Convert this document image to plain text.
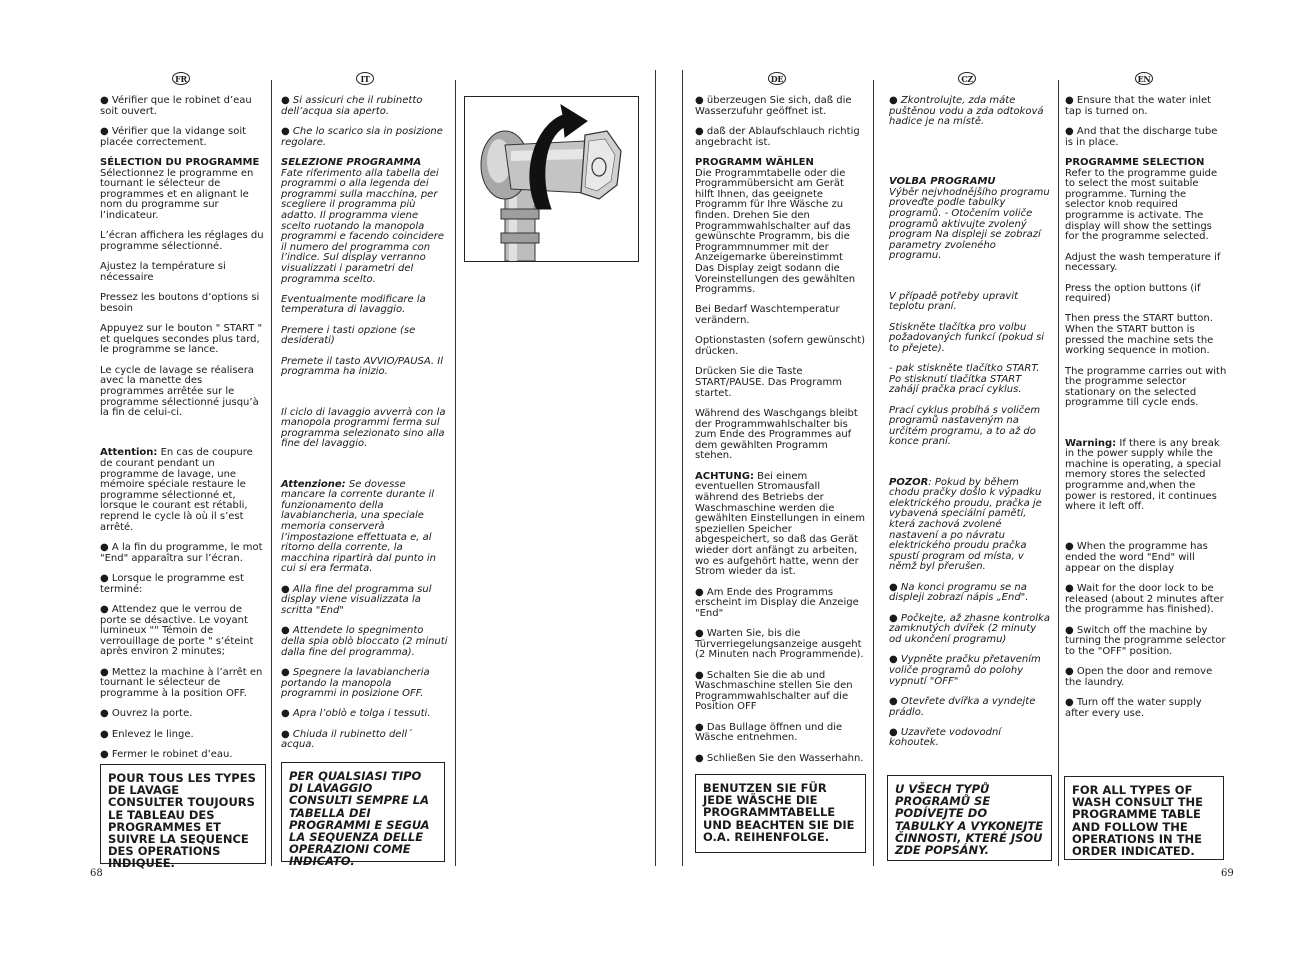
FR	IT	DE	CZ	EN
● Vérifier que le robinet d’eau soit ouvert.
● Vérifier que la vidange soit placée correctement.
SÉLECTION DU PROGRAMME
Sélectionnez le programme en tournant le sélecteur de programmes et en alignant le nom du programme sur l’indicateur.
L’écran affichera les réglages du programme sélectionné.
Ajustez la température si nécessaire
Pressez les boutons d’options si besoin
Appuyez sur le bouton " START " et quelques secondes plus tard, le programme se lance.
Le cycle de lavage se réalisera avec la manette des programmes arrêtée sur le programme sélectionné jusqu’à la fin de celui-ci.
Attention: En cas de coupure de courant pendant un programme de lavage, une mémoire spéciale restaure le programme sélectionné et, lorsque le courant est rétabli, reprend le cycle là où il s’est arrêté.
● A la fin du programme, le mot "End" apparaîtra sur l’écran.
● Lorsque le programme est terminé:
● Attendez que le verrou de porte se désactive. Le voyant lumineux "" Témoin de verrouillage de porte " s’éteint après environ 2 minutes;
● Mettez la machine à l’arrêt en tournant le sélecteur de programme à la position OFF.
● Ouvrez la porte.
● Enlevez le linge.
● Fermer le robinet d’eau.
● Si assicuri che il rubinetto dell’acqua sia aperto.
● Che lo scarico sia in posizione regolare.
SELEZIONE PROGRAMMA
Fate riferimento alla tabella dei programmi o alla legenda dei programmi sulla macchina, per scegliere il programma più adatto. Il programma viene scelto ruotando la manopola programmi e facendo coincidere il numero del programma con l’indice. Sul display verranno visualizzati i parametri del programma scelto.
Eventualmente modificare la temperatura di lavaggio.
Premere i tasti opzione (se desiderati)
Premete il tasto AVVIO/PAUSA. Il programma ha inizio.
Il ciclo di lavaggio avverrà con la manopola programmi ferma sul programma selezionato sino alla fine del lavaggio.
Attenzione: Se dovesse mancare la corrente durante il funzionamento della lavabiancheria, una speciale memoria conserverà l’impostazione effettuata e, al ritorno della corrente, la macchina ripartirà dal punto in cui si era fermata.
● Alla fine del programma sul display viene visualizzata la scritta "End"
● Attendete lo spegnimento della spia oblò bloccato (2 minuti dalla fine del programma).
● Spegnere la lavabiancheria portando la manopola programmi in posizione OFF.
● Apra l’oblò e tolga i tessuti.
● Chiuda il rubinetto dell´ acqua.
● überzeugen Sie sich, daß die Wasserzufuhr geöffnet ist.
● daß der Ablaufschlauch richtig angebracht ist.
PROGRAMM WÄHLEN
Die Programmtabelle oder die Programmübersicht am Gerät hilft Ihnen, das geeignete Programm für Ihre Wäsche zu finden. Drehen Sie den Programmwahlschalter auf das gewünschte Programm, bis die Programmnummer mit der Anzeigemarke übereinstimmt Das Display zeigt sodann die Voreinstellungen des gewählten Programms.
Bei Bedarf Waschtemperatur verändern.
Optionstasten (sofern gewünscht) drücken.
Drücken Sie die Taste START/PAUSE. Das Programm startet.
Während des Waschgangs bleibt der Programmwahlschalter bis zum Ende des Programmes auf dem gewählten Programm stehen.
ACHTUNG: Bei einem eventuellen Stromausfall während des Betriebs der Waschmaschine werden die gewählten Einstellungen in einem speziellen Speicher abgespeichert, so daß das Gerät wieder dort anfängt zu arbeiten, wo es aufgehört hatte, wenn der Strom wieder da ist.
● Am Ende des Programms erscheint im Display die Anzeige "End"
● Warten Sie, bis die Türverriegelungsanzeige ausgeht (2 Minuten nach Programmende).
● Schalten Sie die ab und Waschmaschine stellen Sie den Programmwahlschalter auf die Position OFF
● Das Bullage öffnen und die Wäsche entnehmen.
● Schließen Sie den Wasserhahn.
● Zkontrolujte, zda máte puštěnou vodu a zda odtoková hadice je na místě.
VOLBA PROGRAMU
Výběr nejvhodnějšího programu proveďte podle tabulky programů. - Otočením voliče programů aktivujte zvolený program Na displeji se zobrazí parametry zvoleného programu.
V případě potřeby upravit teplotu praní.
Stiskněte tlačítka pro volbu požadovaných funkcí (pokud si to přejete).
- pak stiskněte tlačítko START. Po stisknutí tlačítka START zahájí pračka prací cyklus.
Prací cyklus probíhá s voličem programů nastaveným na určitém programu, a to až do konce praní.
POZOR: Pokud by během chodu pračky došlo k výpadku elektrického proudu, pračka je vybavená speciální pamětí, která zachová zvolené nastavení a po návratu elektrického proudu pračka spustí program od místa, v němž byl přerušen.
● Na konci programu se na displeji zobrazí nápis „End".
● Počkejte, až zhasne kontrolka zamknutých dvířek (2 minuty od ukončení programu)
● Vypněte pračku přetavením voliče programů do polohy vypnutí "OFF"
● Otevřete dvířka a vyndejte prádlo.
● Uzavřete vodovodní kohoutek.
● Ensure that the water inlet tap is turned on.
● And that the discharge tube is in place.
PROGRAMME SELECTION
Refer to the programme guide to select the most suitable programme. Turning the selector knob required programme is activate. The display will show the settings for the programme selected.
Adjust the wash temperature if necessary.
Press the option buttons (if required)
Then press the START button. When the START button is pressed the machine sets the working sequence in motion.
The programme carries out with the programme selector stationary on the selected programme till cycle ends.
Warning: If there is any break in the power supply while the machine is operating, a special memory stores the selected programme and,when the power is restored, it continues where it left off.
● When the programme has ended the word "End" will appear on the display
● Wait for the door lock to be released (about 2 minutes after the programme has finished).
● Switch off the machine by turning the programme selector to the "OFF" position.
● Open the door and remove the laundry.
● Turn off the water supply after every use.
POUR TOUS LES TYPES DE LAVAGE CONSULTER TOUJOURS LE TABLEAU DES PROGRAMMES ET SUIVRE LA SEQUENCE DES OPERATIONS INDIQUEE.
PER QUALSIASI TIPO DI LAVAGGIO CONSULTI SEMPRE LA TABELLA DEI PROGRAMMI E SEGUA LA SEQUENZA DELLE OPERAZIONI COME INDICATO.
BENUTZEN SIE FÜR JEDE WÄSCHE DIE PROGRAMMTABELLE UND BEACHTEN SIE DIE O.A. REIHENFOLGE.
U VŠECH TYPŮ PROGRAMŮ SE PODÍVEJTE DO TABULKY A VYKONEJTE ČINNOSTI, KTERÉ JSOU ZDE POPSÁNY.
FOR ALL TYPES OF WASH CONSULT THE PROGRAMME TABLE AND FOLLOW THE OPERATIONS IN THE ORDER INDICATED.
68	69
